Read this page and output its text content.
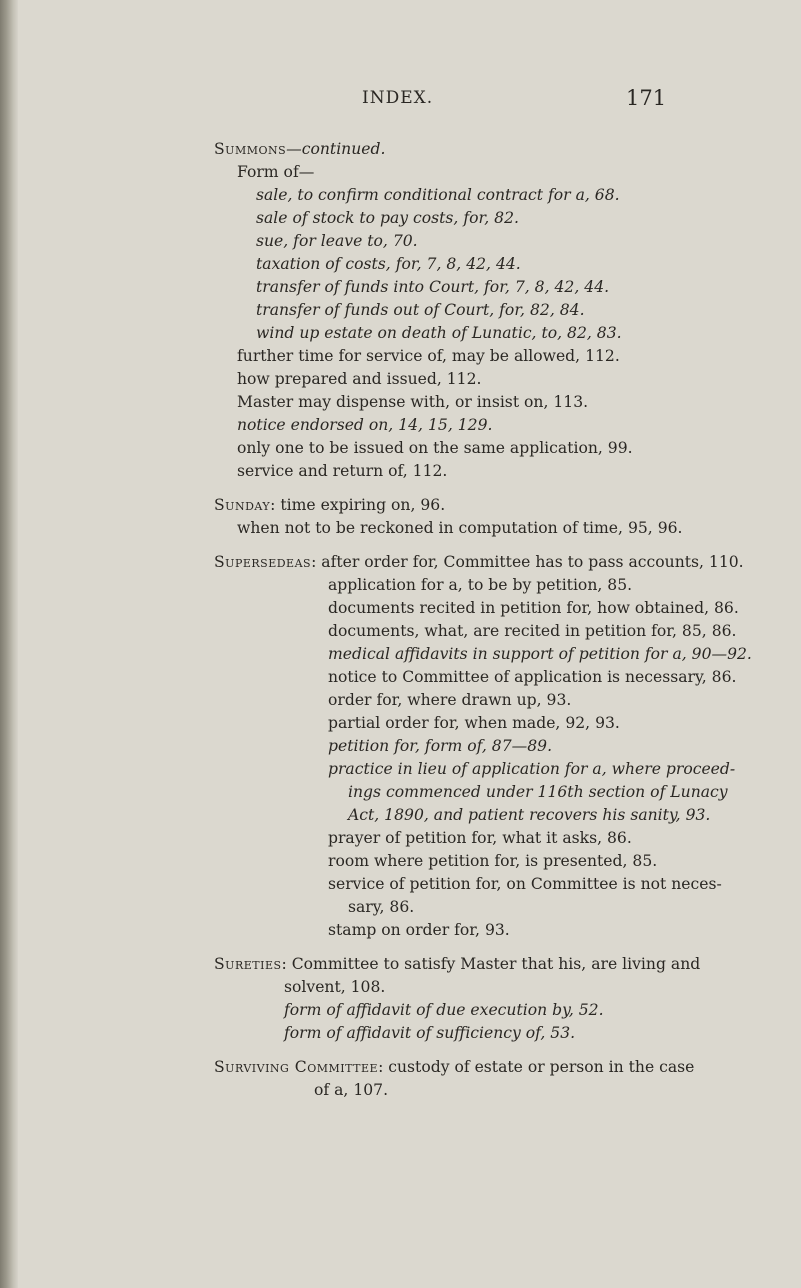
INDEX.	171
Summons—continued.
Form of—
sale, to confirm conditional contract for a, 68.
sale of stock to pay costs, for, 82.
sue, for leave to, 70.
taxation of costs, for, 7, 8, 42, 44.
transfer of funds into Court, for, 7, 8, 42, 44.
transfer of funds out of Court, for, 82, 84.
wind up estate on death of Lunatic, to, 82, 83.
further time for service of, may be allowed, 112.
how prepared and issued, 112.
Master may dispense with, or insist on, 113.
notice endorsed on, 14, 15, 129.
only one to be issued on the same application, 99.
service and return of, 112.
Sunday: time expiring on, 96.
when not to be reckoned in computation of time, 95, 96.
Supersedeas: after order for, Committee has to pass accounts, 110.
application for a, to be by petition, 85.
documents recited in petition for, how obtained, 86.
documents, what, are recited in petition for, 85, 86.
medical affidavits in support of petition for a, 90—92.
notice to Committee of application is necessary, 86.
order for, where drawn up, 93.
partial order for, when made, 92, 93.
petition for, form of, 87—89.
practice in lieu of application for a, where proceed-
ings commenced under 116th section of Lunacy
Act, 1890, and patient recovers his sanity, 93.
prayer of petition for, what it asks, 86.
room where petition for, is presented, 85.
service of petition for, on Committee is not neces-
sary, 86.
stamp on order for, 93.
Sureties: Committee to satisfy Master that his, are living and
solvent, 108.
form of affidavit of due execution by, 52.
form of affidavit of sufficiency of, 53.
Surviving Committee: custody of estate or person in the case
of a, 107.
